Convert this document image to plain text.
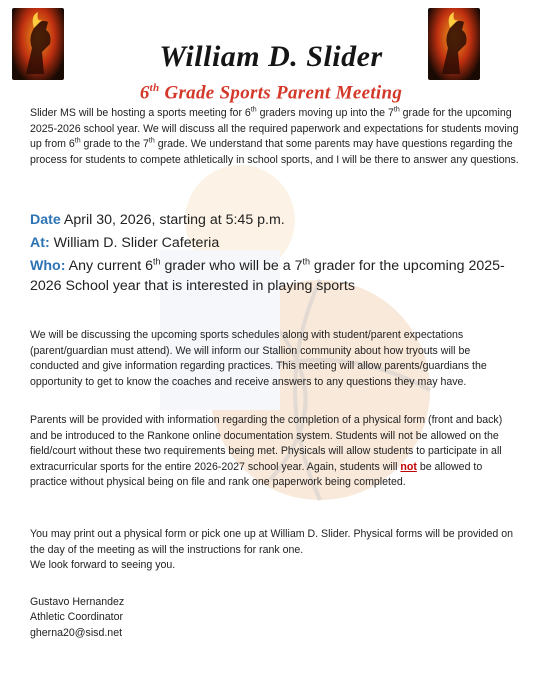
William D. Slider
6th Grade Sports Parent Meeting

Slider MS will be hosting a sports meeting for 6th graders moving up into the 7th grade for the upcoming 2025-2026 school year. We will discuss all the required paperwork and expectations for students moving up from 6th grade to the 7th grade. We understand that some parents may have questions regarding the process for students to compete athletically in school sports, and I will be there to answer any questions.

Date April 30, 2026, starting at 5:45 p.m.

At: William D. Slider Cafeteria

Who: Any current 6th grader who will be a 7th grader for the upcoming 2025-2026 School year that is interested in playing sports

We will be discussing the upcoming sports schedules along with student/parent expectations (parent/guardian must attend). We will inform our Stallion community about how tryouts will be conducted and give information regarding practices. This meeting will allow parents/guardians the opportunity to get to know the coaches and receive answers to any questions they may have.

Parents will be provided with information regarding the completion of a physical form (front and back) and be introduced to the Rankone online documentation system. Students will not be allowed on the field/court without these two requirements being met. Physicals will allow students to participate in all extracurricular sports for the entire 2026-2027 school year. Again, students will not be allowed to practice without physical being on file and rank one paperwork being completed.

You may print out a physical form or pick one up at William D. Slider. Physical forms will be provided on the day of the meeting as will the instructions for rank one.

We look forward to seeing you.

Gustavo Hernandez

Athletic Coordinator

gherna20@sisd.net
